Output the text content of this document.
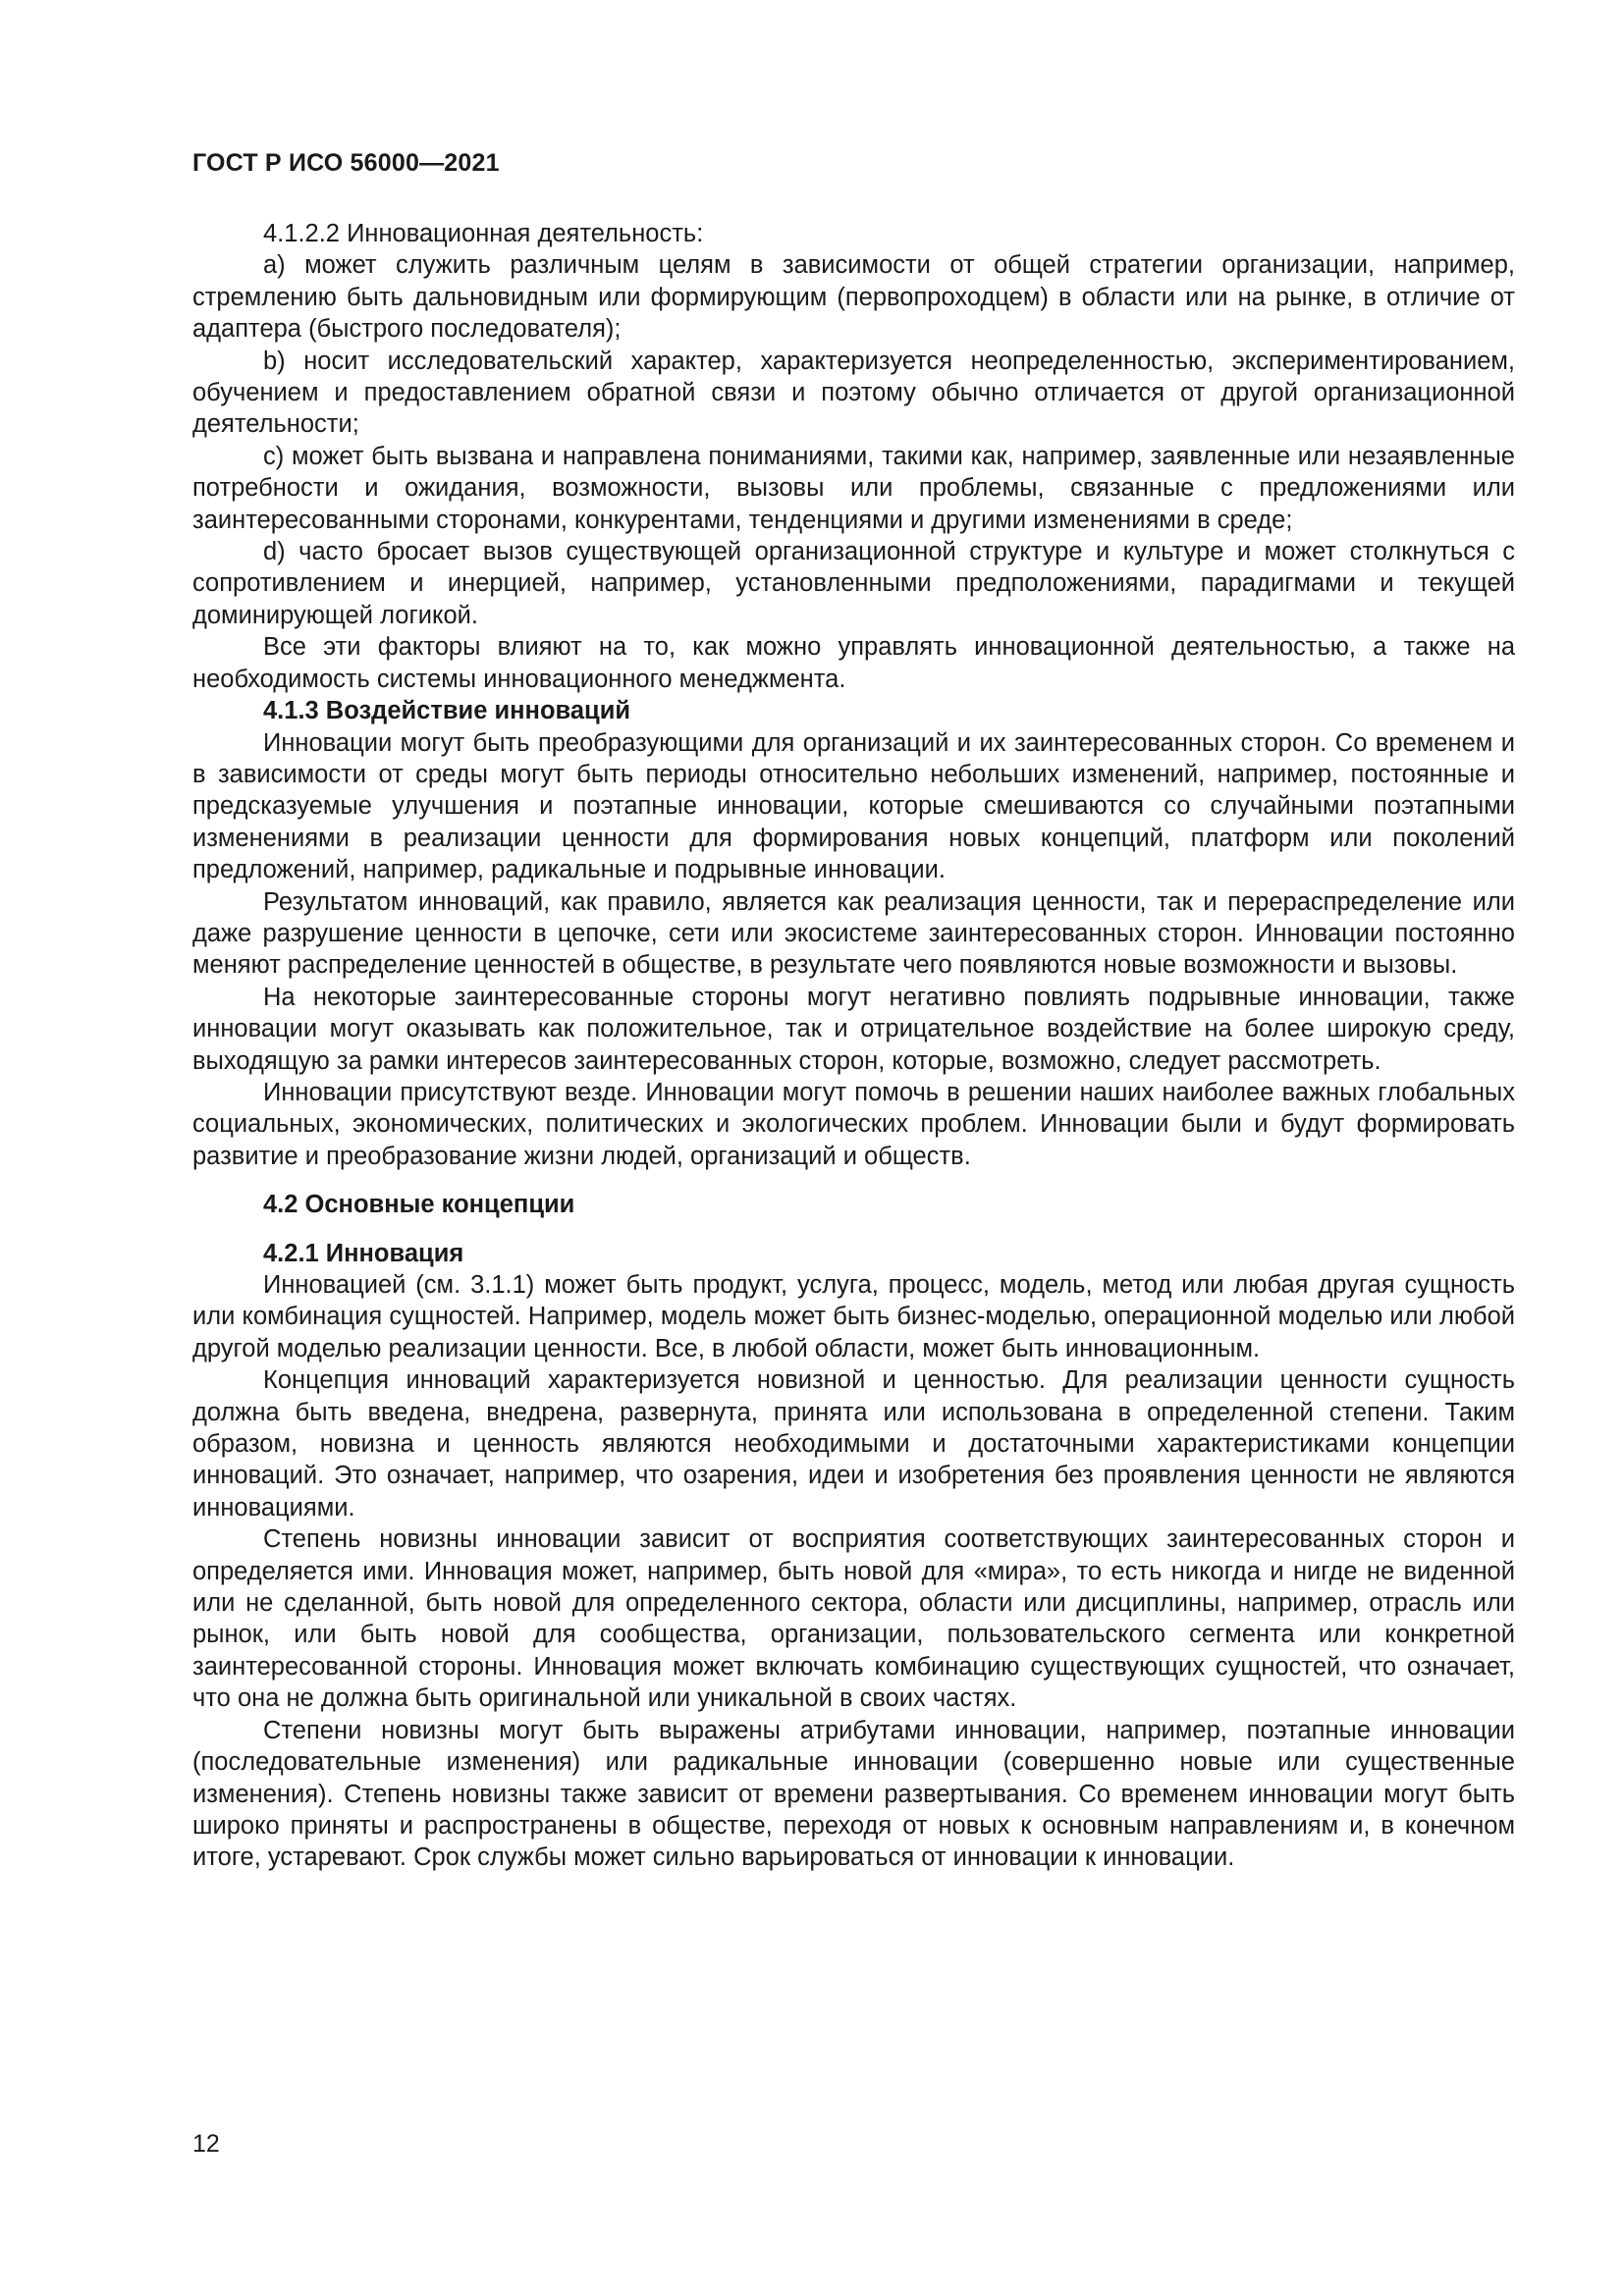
ГОСТ Р ИСО 56000—2021

4.1.2.2 Инновационная деятельность:

a) может служить различным целям в зависимости от общей стратегии организации, например, стремлению быть дальновидным или формирующим (первопроходцем) в области или на рынке, в отличие от адаптера (быстрого последователя);

b) носит исследовательский характер, характеризуется неопределенностью, экспериментированием, обучением и предоставлением обратной связи и поэтому обычно отличается от другой организационной деятельности;

c) может быть вызвана и направлена пониманиями, такими как, например, заявленные или незаявленные потребности и ожидания, возможности, вызовы или проблемы, связанные с предложениями или заинтересованными сторонами, конкурентами, тенденциями и другими изменениями в среде;

d) часто бросает вызов существующей организационной структуре и культуре и может столкнуться с сопротивлением и инерцией, например, установленными предположениями, парадигмами и текущей доминирующей логикой.

Все эти факторы влияют на то, как можно управлять инновационной деятельностью, а также на необходимость системы инновационного менеджмента.

4.1.3 Воздействие инноваций

Инновации могут быть преобразующими для организаций и их заинтересованных сторон. Со временем и в зависимости от среды могут быть периоды относительно небольших изменений, например, постоянные и предсказуемые улучшения и поэтапные инновации, которые смешиваются со случайными поэтапными изменениями в реализации ценности для формирования новых концепций, платформ или поколений предложений, например, радикальные и подрывные инновации.

Результатом инноваций, как правило, является как реализация ценности, так и перераспределение или даже разрушение ценности в цепочке, сети или экосистеме заинтересованных сторон. Инновации постоянно меняют распределение ценностей в обществе, в результате чего появляются новые возможности и вызовы.

На некоторые заинтересованные стороны могут негативно повлиять подрывные инновации, также инновации могут оказывать как положительное, так и отрицательное воздействие на более широкую среду, выходящую за рамки интересов заинтересованных сторон, которые, возможно, следует рассмотреть.

Инновации присутствуют везде. Инновации могут помочь в решении наших наиболее важных глобальных социальных, экономических, политических и экологических проблем. Инновации были и будут формировать развитие и преобразование жизни людей, организаций и обществ.

4.2 Основные концепции
4.2.1 Инновация

Инновацией (см. 3.1.1) может быть продукт, услуга, процесс, модель, метод или любая другая сущность или комбинация сущностей. Например, модель может быть бизнес-моделью, операционной моделью или любой другой моделью реализации ценности. Все, в любой области, может быть инновационным.

Концепция инноваций характеризуется новизной и ценностью. Для реализации ценности сущность должна быть введена, внедрена, развернута, принята или использована в определенной степени. Таким образом, новизна и ценность являются необходимыми и достаточными характеристиками концепции инноваций. Это означает, например, что озарения, идеи и изобретения без проявления ценности не являются инновациями.

Степень новизны инновации зависит от восприятия соответствующих заинтересованных сторон и определяется ими. Инновация может, например, быть новой для «мира», то есть никогда и нигде не виденной или не сделанной, быть новой для определенного сектора, области или дисциплины, например, отрасль или рынок, или быть новой для сообщества, организации, пользовательского сегмента или конкретной заинтересованной стороны. Инновация может включать комбинацию существующих сущностей, что означает, что она не должна быть оригинальной или уникальной в своих частях.

Степени новизны могут быть выражены атрибутами инновации, например, поэтапные инновации (последовательные изменения) или радикальные инновации (совершенно новые или существенные изменения). Степень новизны также зависит от времени развертывания. Со временем инновации могут быть широко приняты и распространены в обществе, переходя от новых к основным направлениям и, в конечном итоге, устаревают. Срок службы может сильно варьироваться от инновации к инновации.

12
